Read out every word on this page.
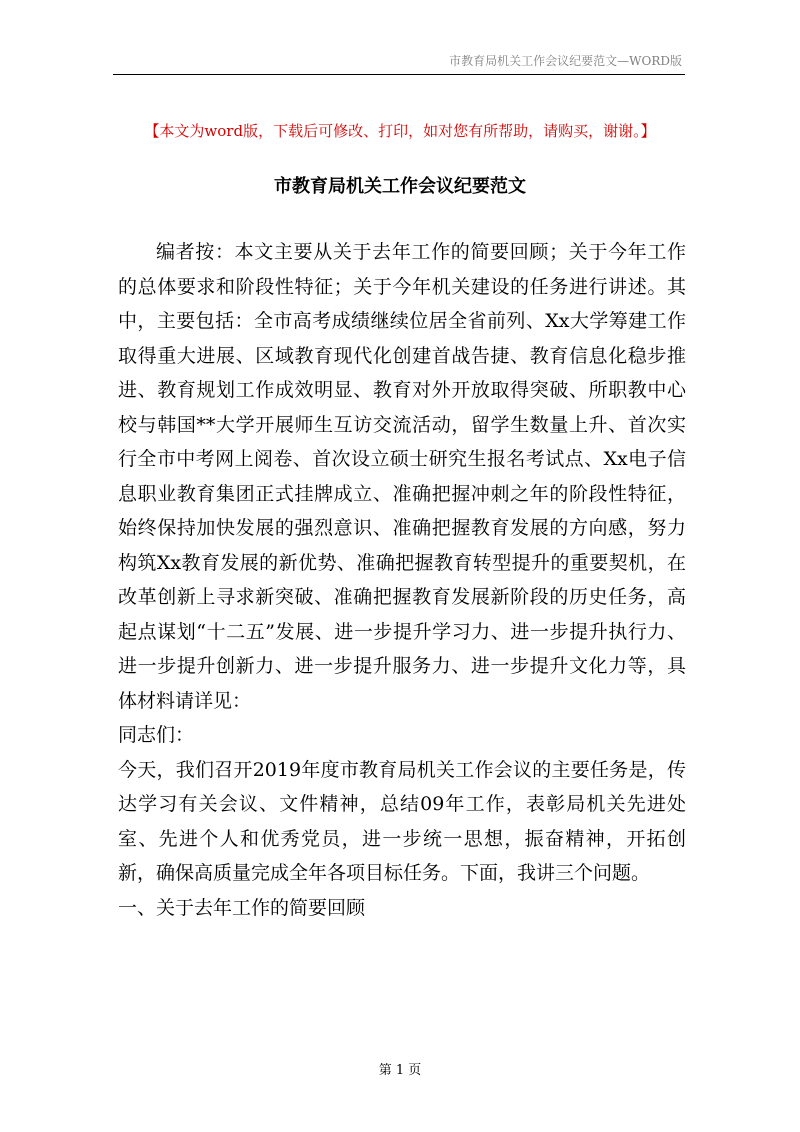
市教育局机关工作会议纪要范文—WORD版
【本文为word版，下载后可修改、打印，如对您有所帮助，请购买，谢谢。】
市教育局机关工作会议纪要范文

编者按：本文主要从关于去年工作的简要回顾；关于今年工作的总体要求和阶段性特征；关于今年机关建设的任务进行讲述。其中，主要包括：全市高考成绩继续位居全省前列、Xx大学筹建工作取得重大进展、区域教育现代化创建首战告捷、教育信息化稳步推进、教育规划工作成效明显、教育对外开放取得突破、所职教中心校与韩国**大学开展师生互访交流活动，留学生数量上升、首次实行全市中考网上阅卷、首次设立硕士研究生报名考试点、Xx电子信息职业教育集团正式挂牌成立、准确把握冲刺之年的阶段性特征，始终保持加快发展的强烈意识、准确把握教育发展的方向感，努力构筑Xx教育发展的新优势、准确把握教育转型提升的重要契机，在改革创新上寻求新突破、准确把握教育发展新阶段的历史任务，高起点谋划“十二五”发展、进一步提升学习力、进一步提升执行力、进一步提升创新力、进一步提升服务力、进一步提升文化力等，具体材料请详见：

同志们：

今天，我们召开2019年度市教育局机关工作会议的主要任务是，传达学习有关会议、文件精神，总结09年工作，表彰局机关先进处室、先进个人和优秀党员，进一步统一思想，振奋精神，开拓创新，确保高质量完成全年各项目标任务。下面，我讲三个问题。

一、关于去年工作的简要回顾

第 1 页
